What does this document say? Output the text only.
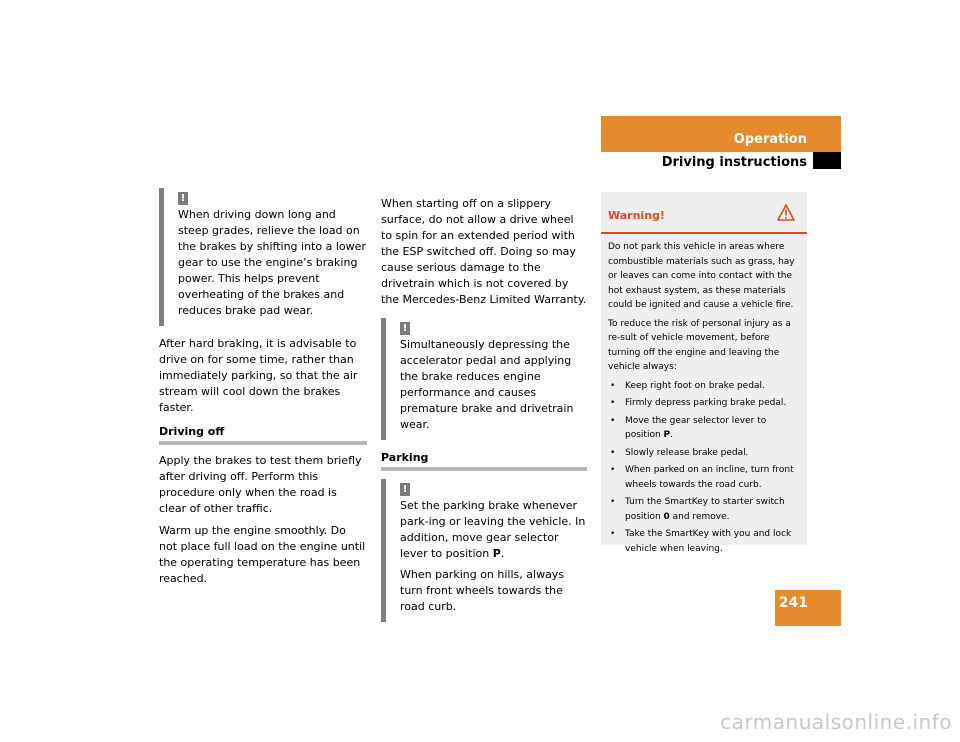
Operation
Driving instructions
!

When driving down long and steep grades, relieve the load on the brakes by shifting into a lower gear to use the engine’s braking power. This helps prevent overheating of the brakes and reduces brake pad wear.

After hard braking, it is advisable to drive on for some time, rather than immediately parking, so that the air stream will cool down the brakes faster.

Driving off

Apply the brakes to test them briefly after driving off. Perform this procedure only when the road is clear of other traffic.

Warm up the engine smoothly. Do not place full load on the engine until the operating temperature has been reached.

When starting off on a slippery surface, do not allow a drive wheel to spin for an extended period with the ESP switched off. Doing so may cause serious damage to the drivetrain which is not covered by the Mercedes-Benz Limited Warranty.

!

Simultaneously depressing the accelerator pedal and applying the brake reduces engine performance and causes premature brake and drivetrain wear.

Parking
!

Set the parking brake whenever park-ing or leaving the vehicle. In addition, move gear selector lever to position P.

When parking on hills, always turn front wheels towards the road curb.

Warning!

Do not park this vehicle in areas where combustible materials such as grass, hay or leaves can come into contact with the hot exhaust system, as these materials could be ignited and cause a vehicle fire.

To reduce the risk of personal injury as a re-sult of vehicle movement, before turning off the engine and leaving the vehicle always:

• Keep right foot on brake pedal.
• Firmly depress parking brake pedal.
• Move the gear selector lever to position P.
• Slowly release brake pedal.
• When parked on an incline, turn front wheels towards the road curb.
• Turn the SmartKey to starter switch position 0 and remove.
• Take the SmartKey with you and lock vehicle when leaving.
241
carmanualsonline.info
